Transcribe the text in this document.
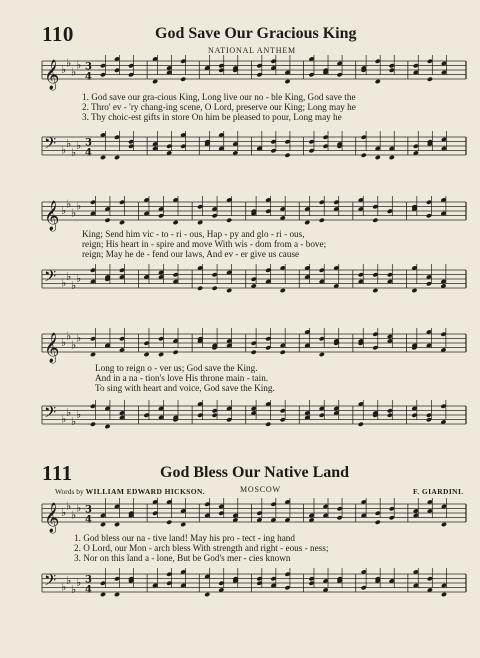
110	God Save Our Gracious King
NATIONAL ANTHEM
𝄞 ♭
♭
♭
♭ 3
4
1. God save our gra-cious King, Long live our no - ble King, God save the
2. Thro' ev - 'ry chang-ing scene, O Lord, preserve our King; Long may he
3. Thy choic-est gifts in store On him be pleased to pour, Long may he
𝄢 ♭
♭
♭
♭ 3
4
𝄞 ♭
♭
♭
♭
King; Send him vic - to - ri - ous, Hap - py and glo - ri - ous,
reign; His heart in - spire and move With wis - dom from a - bove;
reign; May he de - fend our laws, And ev - er give us cause
𝄢 ♭
♭
♭
♭
𝄞 ♭
♭
♭
♭
Long to reign o - ver us; God save the King.
And in a na - tion's love His throne main - tain.
To sing with heart and voice, God save the King.
𝄢 ♭
♭
♭
♭
111	God Bless Our Native Land
Words by WILLIAM EDWARD HICKSON.	MOSCOW	F. GIARDINI.
𝄞 ♭
♭
♭
♭ 3
4
1. God bless our na - tive land! May his pro - tect - ing hand
2. O Lord, our Mon - arch bless With strength and right - eous - ness;
3. Nor on this land a - lone, But be God's mer - cies known
𝄢 ♭
♭
♭
♭ 3
4
